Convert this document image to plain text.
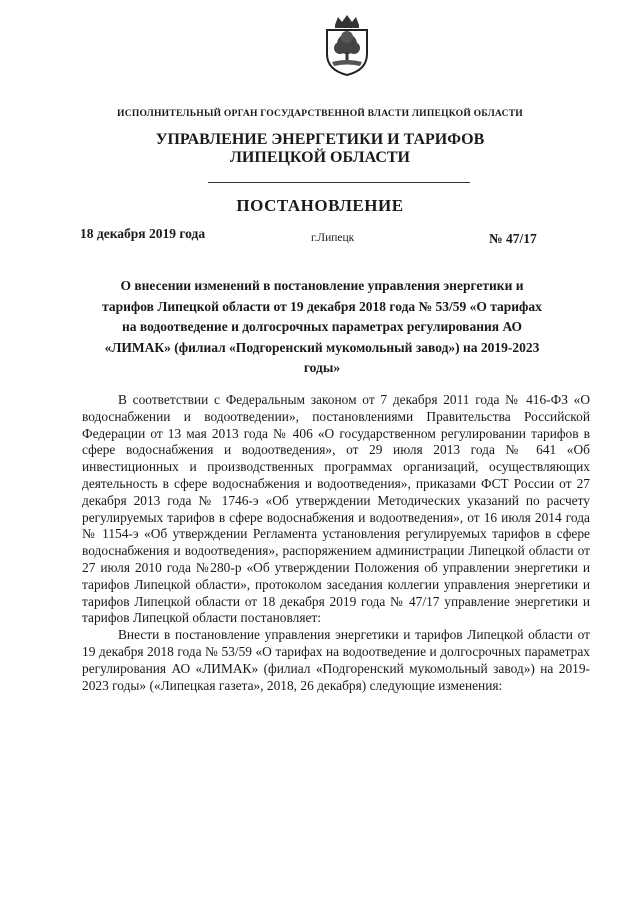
ИСПОЛНИТЕЛЬНЫЙ ОРГАН ГОСУДАРСТВЕННОЙ ВЛАСТИ ЛИПЕЦКОЙ ОБЛАСТИ
УПРАВЛЕНИЕ ЭНЕРГЕТИКИ И ТАРИФОВ
ЛИПЕЦКОЙ ОБЛАСТИ
ПОСТАНОВЛЕНИЕ
18 декабря 2019 года	г.Липецк	№ 47/17
О внесении изменений в постановление управления энергетики и тарифов Липецкой области от 19 декабря 2018 года № 53/59 «О тарифах на водоотведение и долгосрочных параметрах регулирования АО «ЛИМАК» (филиал «Подгоренский мукомольный завод») на 2019-2023 годы»

В соответствии с Федеральным законом от 7 декабря 2011 года № 416-ФЗ «О водоснабжении и водоотведении», постановлениями Правительства Российской Федерации от 13 мая 2013 года № 406 «О государственном регулировании тарифов в сфере водоснабжения и водоотведения», от 29 июля 2013 года № 641 «Об инвестиционных и производственных программах организаций, осуществляющих деятельность в сфере водоснабжения и водоотведения», приказами ФСТ России от 27 декабря 2013 года № 1746-э «Об утверждении Методических указаний по расчету регулируемых тарифов в сфере водоснабжения и водоотведения», от 16 июля 2014 года № 1154-э «Об утверждении Регламента установления регулируемых тарифов в сфере водоснабжения и водоотведения», распоряжением администрации Липецкой области от 27 июля 2010 года №280-р «Об утверждении Положения об управлении энергетики и тарифов Липецкой области», протоколом заседания коллегии управления энергетики и тарифов Липецкой области от 18 декабря 2019 года № 47/17 управление энергетики и тарифов Липецкой области постановляет:

Внести в постановление управления энергетики и тарифов Липецкой области от 19 декабря 2018 года № 53/59 «О тарифах на водоотведение и долгосрочных параметрах регулирования АО «ЛИМАК» (филиал «Подгоренский мукомольный завод») на 2019-2023 годы» («Липецкая газета», 2018, 26 декабря) следующие изменения:
